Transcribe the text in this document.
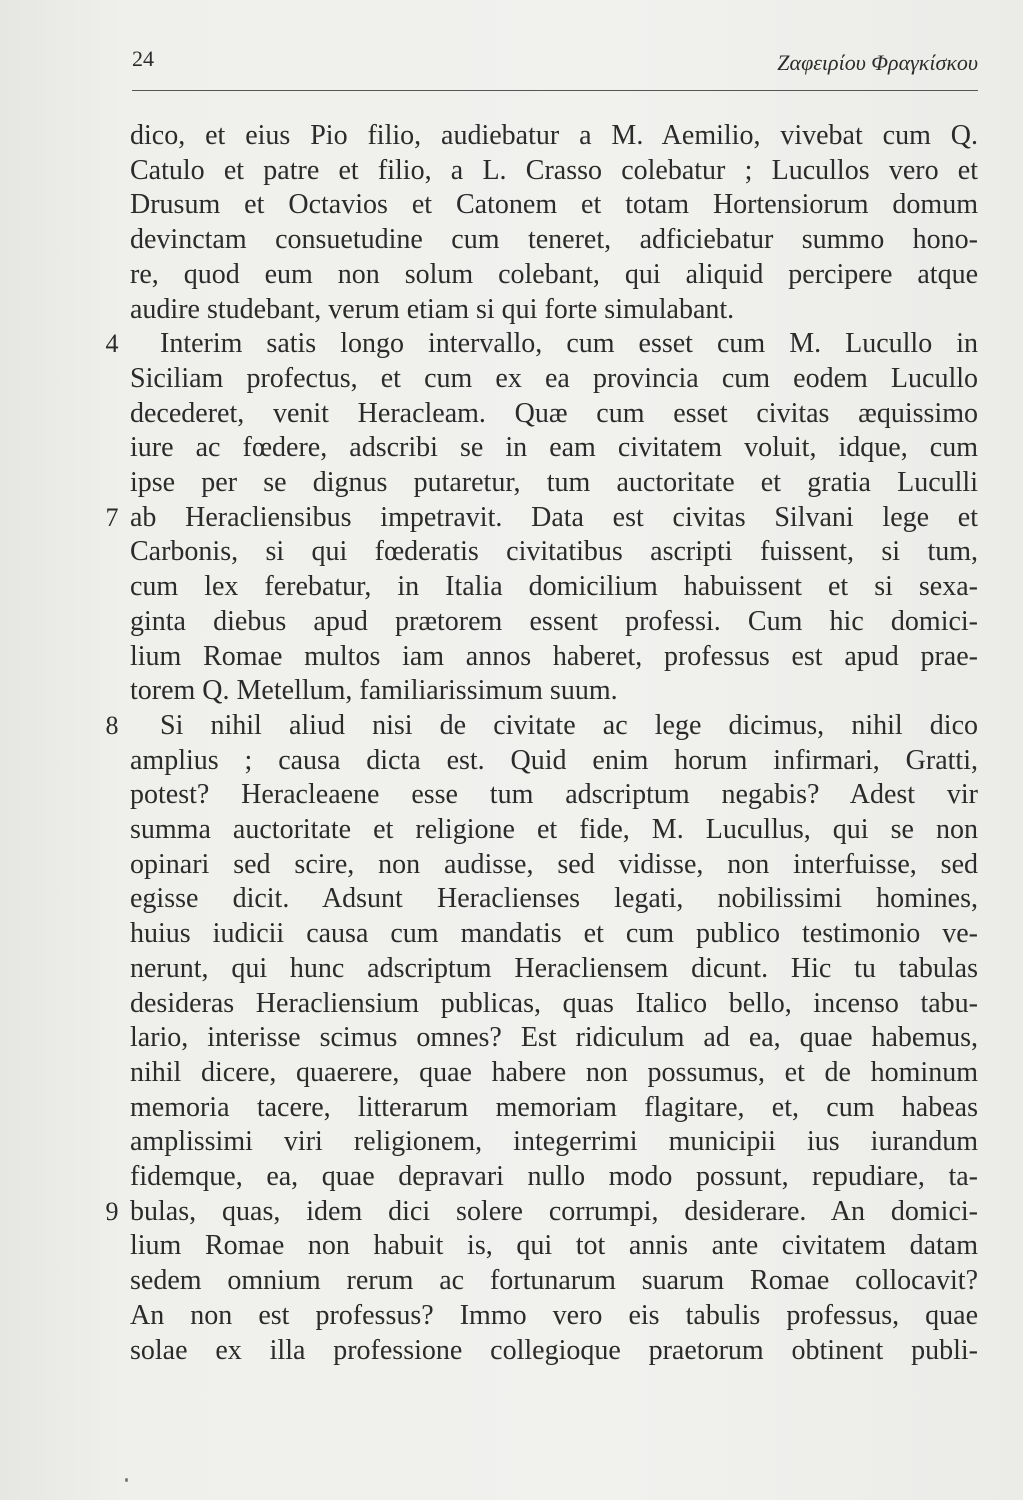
24	Ζαφειρίου Φραγκίσκου
dico, et eius Pio filio, audiebatur a M. Aemilio, vivebat cum Q.
Catulo et patre et filio, a L. Crasso colebatur ; Lucullos vero et
Drusum et Octavios et Catonem et totam Hortensiorum domum
devinctam consuetudine cum teneret, adficiebatur summo hono-
re, quod eum non solum colebant, qui aliquid percipere atque
audire studebant, verum etiam si qui forte simulabant.
4	Interim satis longo intervallo, cum esset cum M. Lucullo in
Siciliam profectus, et cum ex ea provincia cum eodem Lucullo
decederet, venit Heracleam. Quæ cum esset civitas æquissimo
iure ac fœdere, adscribi se in eam civitatem voluit, idque, cum
ipse per se dignus putaretur, tum auctoritate et gratia Luculli
7 ab Heracliensibus impetravit. Data est civitas Silvani lege et
Carbonis, si qui fœderatis civitatibus ascripti fuissent, si tum,
cum lex ferebatur, in Italia domicilium habuissent et si sexa-
ginta diebus apud prætorem essent professi. Cum hic domici-
lium Romae multos iam annos haberet, professus est apud prae-
torem Q. Metellum, familiarissimum suum.
8	Si nihil aliud nisi de civitate ac lege dicimus, nihil dico
amplius ; causa dicta est. Quid enim horum infirmari, Gratti,
potest? Heracleaene esse tum adscriptum negabis? Adest vir
summa auctoritate et religione et fide, M. Lucullus, qui se non
opinari sed scire, non audisse, sed vidisse, non interfuisse, sed
egisse dicit. Adsunt Heraclienses legati, nobilissimi homines,
huius iudicii causa cum mandatis et cum publico testimonio ve-
nerunt, qui hunc adscriptum Heracliensem dicunt. Hic tu tabulas
desideras Heracliensium publicas, quas Italico bello, incenso tabu-
lario, interisse scimus omnes? Est ridiculum ad ea, quae habemus,
nihil dicere, quaerere, quae habere non possumus, et de hominum
memoria tacere, litterarum memoriam flagitare, et, cum habeas
amplissimi viri religionem, integerrimi municipii ius iurandum
fidemque, ea, quae depravari nullo modo possunt, repudiare, ta-
9 bulas, quas, idem dici solere corrumpi, desiderare. An domici-
lium Romae non habuit is, qui tot annis ante civitatem datam
sedem omnium rerum ac fortunarum suarum Romae collocavit?
An non est professus? Immo vero eis tabulis professus, quae
solae ex illa professione collegioque praetorum obtinent publi-
